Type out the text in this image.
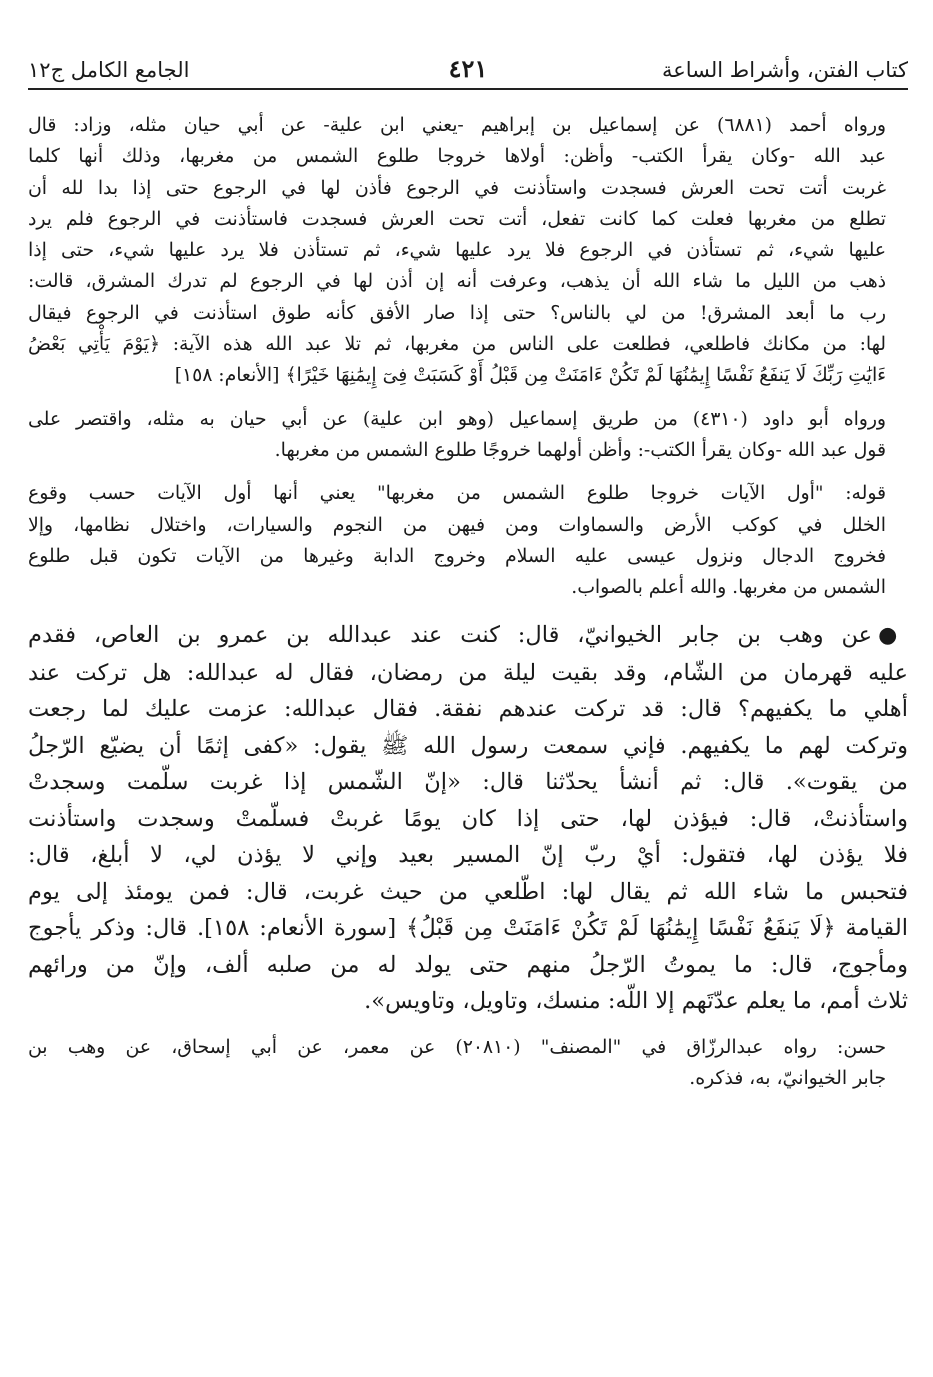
كتاب الفتن، وأشراط الساعة
٤٢١
الجامع الكامل ج١٢

ورواه أحمد (٦٨٨١) عن إسماعيل بن إبراهيم -يعني ابن علية- عن أبي حيان مثله، وزاد: قال
عبد الله -وكان يقرأ الكتب- وأظن: أولاها خروجا طلوع الشمس من مغربها، وذلك أنها كلما
غربت أتت تحت العرش فسجدت واستأذنت في الرجوع فأذن لها في الرجوع حتى إذا بدا لله أن
تطلع من مغربها فعلت كما كانت تفعل، أتت تحت العرش فسجدت فاستأذنت في الرجوع فلم يرد
عليها شيء، ثم تستأذن في الرجوع فلا يرد عليها شيء، ثم تستأذن فلا يرد عليها شيء، حتى إذا
ذهب من الليل ما شاء الله أن يذهب، وعرفت أنه إن أذن لها في الرجوع لم تدرك المشرق، قالت:
رب ما أبعد المشرق! من لي بالناس؟ حتى إذا صار الأفق كأنه طوق استأذنت في الرجوع فيقال
لها: من مكانك فاطلعي، فطلعت على الناس من مغربها، ثم تلا عبد الله هذه الآية: ﴿يَوْمَ يَأْتِي بَعْضُ
ءَايَٰتِ رَبِّكَ لَا يَنفَعُ نَفْسًا إِيمَٰنُهَا لَمْ تَكُنْ ءَامَنَتْ مِن قَبْلُ أَوْ كَسَبَتْ فِىٓ إِيمَٰنِهَا خَيْرًا﴾ [الأنعام: ١٥٨]

ورواه أبو داود (٤٣١٠) من طريق إسماعيل (وهو ابن علية) عن أبي حيان به مثله، واقتصر على
قول عبد الله -وكان يقرأ الكتب-: وأظن أولهما خروجًا طلوع الشمس من مغربها.

قوله: "أول الآيات خروجا طلوع الشمس من مغربها" يعني أنها أول الآيات حسب وقوع
الخلل في كوكب الأرض والسماوات ومن فيهن من النجوم والسيارات، واختلال نظامها، وإلا
فخروج الدجال ونزول عيسى عليه السلام وخروج الدابة وغيرها من الآيات تكون قبل طلوع
الشمس من مغربها. والله أعلم بالصواب.

●عن وهب بن جابر الخيوانيّ، قال: كنت عند عبدالله بن عمرو بن العاص، فقدم
عليه قهرمان من الشّام، وقد بقيت ليلة من رمضان، فقال له عبدالله: هل تركت عند
أهلي ما يكفيهم؟ قال: قد تركت عندهم نفقة. فقال عبدالله: عزمت عليك لما رجعت
وتركت لهم ما يكفيهم. فإني سمعت رسول الله ﷺ يقول: «كفى إثمًا أن يضيّع الرّجلُ
من يقوت». قال: ثم أنشأ يحدّثنا قال: «إنّ الشّمس إذا غربت سلّمت وسجدتْ
واستأذنتْ، قال: فيؤذن لها، حتى إذا كان يومًا غربتْ فسلّمتْ وسجدت واستأذنت
فلا يؤذن لها، فتقول: أيْ ربّ إنّ المسير بعيد وإني لا يؤذن لي، لا أبلغ، قال:
فتحبس ما شاء الله ثم يقال لها: اطّلعي من حيث غربت، قال: فمن يومئذ إلى يوم
القيامة ﴿لَا يَنفَعُ نَفْسًا إِيمَٰنُهَا لَمْ تَكُنْ ءَامَنَتْ مِن قَبْلُ﴾ [سورة الأنعام: ١٥٨]. قال: وذكر يأجوج
ومأجوج، قال: ما يموتُ الرّجلُ منهم حتى يولد له من صلبه ألف، وإنّ من ورائهم
ثلاث أمم، ما يعلم عدّتَهم إلا اللّه: منسك، وتاويل، وتاويس».

حسن: رواه عبدالرزّاق في "المصنف" (٢٠٨١٠) عن معمر، عن أبي إسحاق، عن وهب بن
جابر الخيوانيّ، به، فذكره.
